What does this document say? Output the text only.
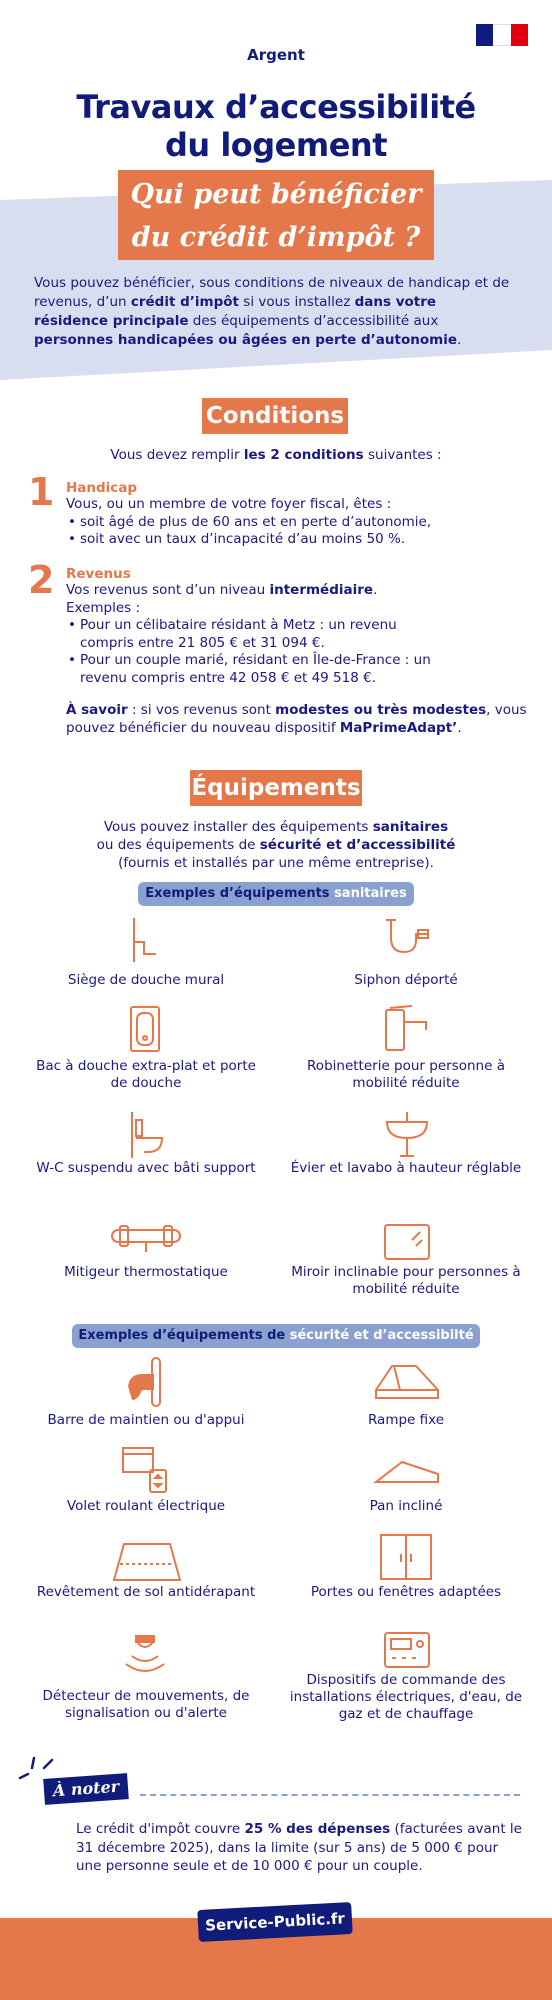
Argent
Travaux d’accessibilité
du logement
Qui peut bénéficier
du crédit d’impôt ?
Vous pouvez bénéficier, sous conditions de niveaux de handicap et de revenus, d’un crédit d’impôt si vous installez dans votre résidence principale des équipements d’accessibilité aux personnes handicapées ou âgées en perte d’autonomie.
Conditions
Vous devez remplir les 2 conditions suivantes :
1 Handicap
Vous, ou un membre de votre foyer fiscal, êtes :
• soit âgé de plus de 60 ans et en perte d’autonomie,
• soit avec un taux d’incapacité d’au moins 50 %.
2 Revenus
Vos revenus sont d’un niveau intermédiaire.
Exemples :
• Pour un célibataire résidant à Metz : un revenu compris entre 21 805 € et 31 094 €.
• Pour un couple marié, résidant en Île-de-France : un revenu compris entre 42 058 € et 49 518 €.
À savoir : si vos revenus sont modestes ou très modestes, vous pouvez bénéficier du nouveau dispositif MaPrimeAdapt’.
Équipements
Vous pouvez installer des équipements sanitaires
ou des équipements de sécurité et d’accessibilité
(fournis et installés par une même entreprise).
Exemples d’équipements sanitaires
Siège de douche mural	Siphon déporté
Bac à douche extra-plat et porte de douche
Robinetterie pour personne à mobilité réduite
W-C suspendu avec bâti support	Évier et lavabo à hauteur réglable
Mitigeur thermostatique	Miroir inclinable pour personnes à mobilité réduite
Exemples d’équipements de sécurité et d’accessibilté
Barre de maintien ou d'appui	Rampe fixe
Volet roulant électrique	Pan incliné
Revêtement de sol antidérapant	Portes ou fenêtres adaptées
Détecteur de mouvements, de signalisation ou d'alerte
Dispositifs de commande des installations électriques, d'eau, de gaz et de chauffage
À noter
Le crédit d'impôt couvre 25 % des dépenses (facturées avant le 31 décembre 2025), dans la limite (sur 5 ans) de 5 000 € pour une personne seule et de 10 000 € pour un couple.
Service-Public.fr
